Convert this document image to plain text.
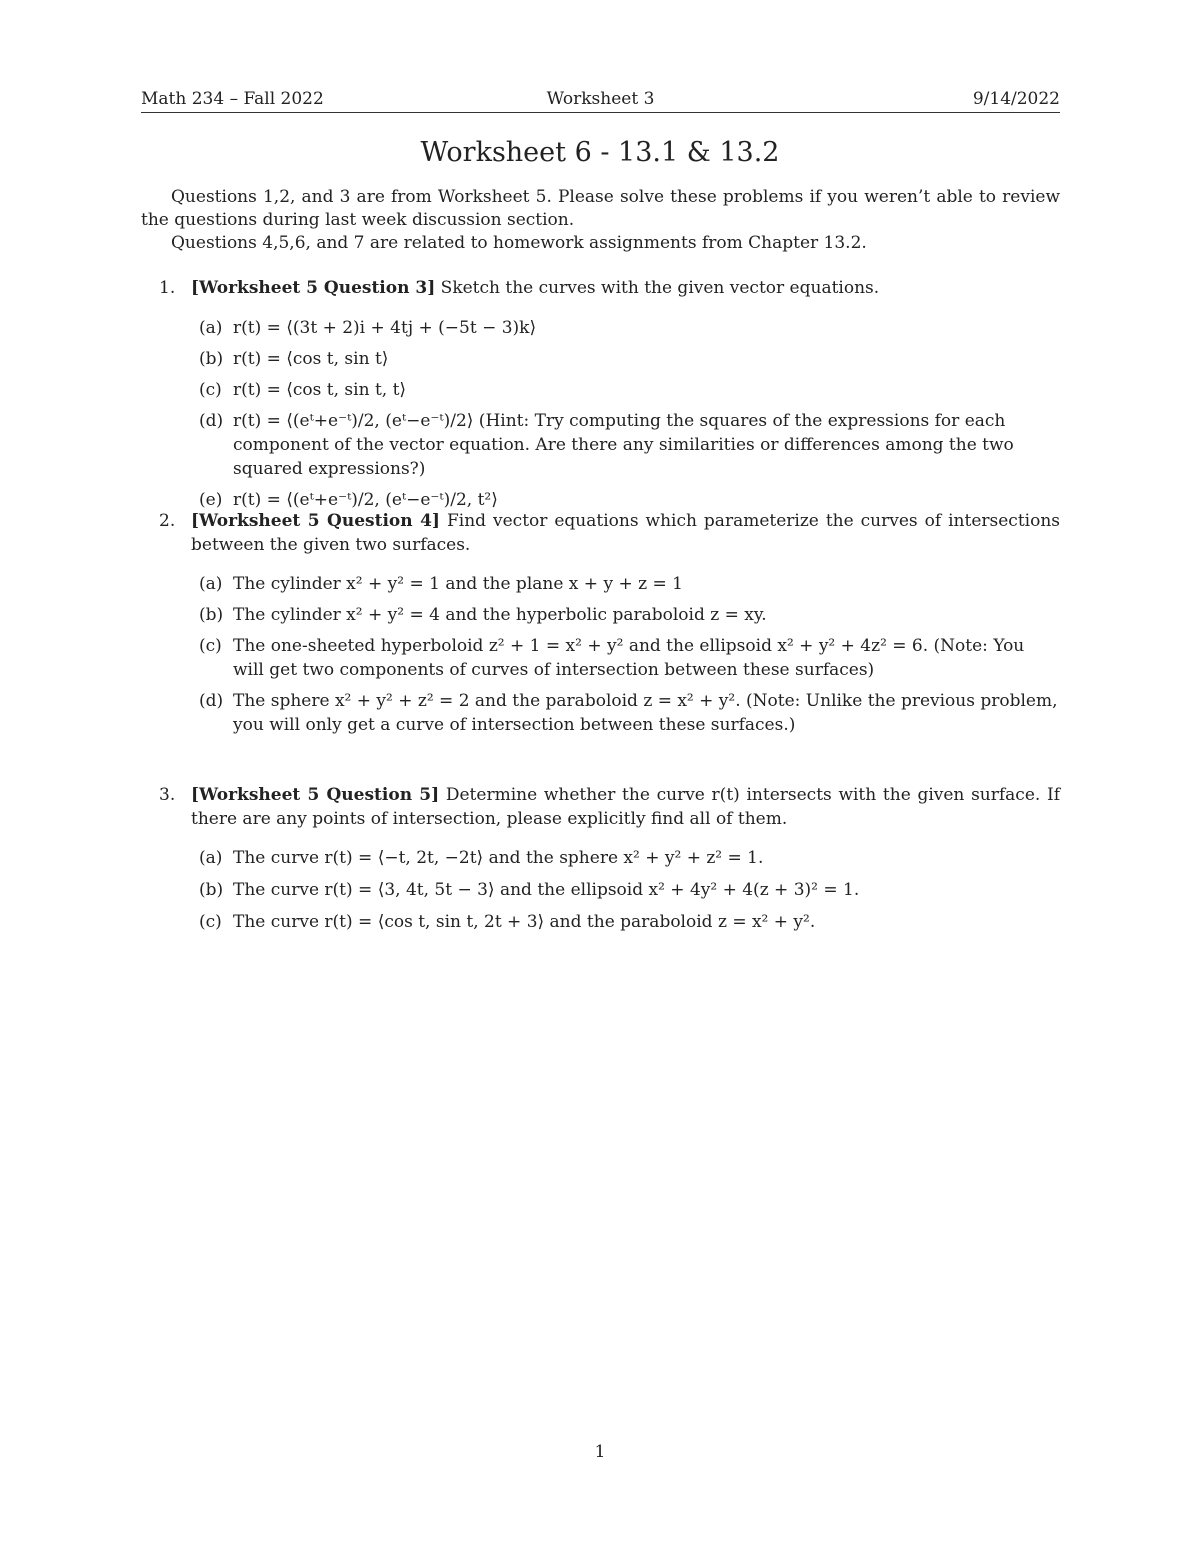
Math 234 – Fall 2022	Worksheet 3	9/14/2022
Worksheet 6 - 13.1 & 13.2

Questions 1,2, and 3 are from Worksheet 5. Please solve these problems if you weren’t able to review the questions during last week discussion section.

Questions 4,5,6, and 7 are related to homework assignments from Chapter 13.2.

1. [Worksheet 5 Question 3] Sketch the curves with the given vector equations.
(a) r(t) = ⟨(3t + 2)i + 4tj + (−5t − 3)k⟩
(b) r(t) = ⟨cos t, sin t⟩
(c) r(t) = ⟨cos t, sin t, t⟩
(d) r(t) = ⟨(eᵗ+e⁻ᵗ)/2, (eᵗ−e⁻ᵗ)/2⟩ (Hint: Try computing the squares of the expressions for each component of the vector equation. Are there any similarities or differences among the two squared expressions?)
(e) r(t) = ⟨(eᵗ+e⁻ᵗ)/2, (eᵗ−e⁻ᵗ)/2, t²⟩
2. [Worksheet 5 Question 4] Find vector equations which parameterize the curves of intersections between the given two surfaces.
(a) The cylinder x² + y² = 1 and the plane x + y + z = 1
(b) The cylinder x² + y² = 4 and the hyperbolic paraboloid z = xy.
(c) The one-sheeted hyperboloid z² + 1 = x² + y² and the ellipsoid x² + y² + 4z² = 6. (Note: You will get two components of curves of intersection between these surfaces)
(d) The sphere x² + y² + z² = 2 and the paraboloid z = x² + y². (Note: Unlike the previous problem, you will only get a curve of intersection between these surfaces.)
3. [Worksheet 5 Question 5] Determine whether the curve r(t) intersects with the given surface. If there are any points of intersection, please explicitly find all of them.
(a) The curve r(t) = ⟨−t, 2t, −2t⟩ and the sphere x² + y² + z² = 1.
(b) The curve r(t) = ⟨3, 4t, 5t − 3⟩ and the ellipsoid x² + 4y² + 4(z + 3)² = 1.
(c) The curve r(t) = ⟨cos t, sin t, 2t + 3⟩ and the paraboloid z = x² + y².
1
